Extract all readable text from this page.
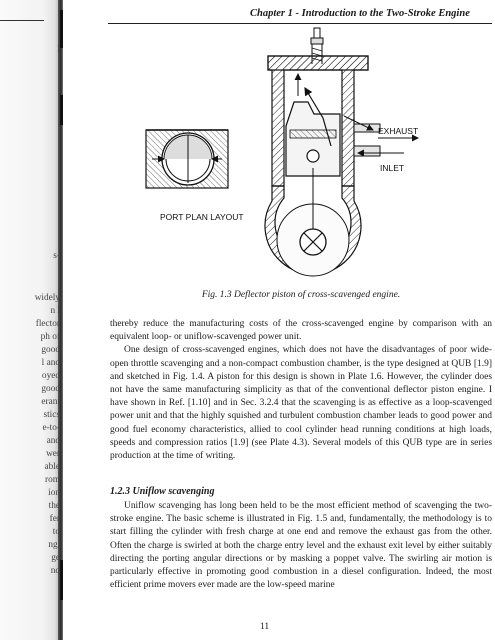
l
s-
widely
n l
flector
ph of
good
l and
oyed
good
erant
stics
e-to-
and
wer
able
rom
ion
the
fer
to
ng,
ge
nd
Chapter 1 - Introduction to the Two-Stroke Engine
EXHAUST
INLET
PORT PLAN LAYOUT
Fig. 1.3 Deflector piston of cross-scavenged engine.

thereby reduce the manufacturing costs of the cross-scavenged engine by comparison with an equivalent loop- or uniflow-scavenged power unit.

One design of cross-scavenged engines, which does not have the disadvantages of poor wide-open throttle scavenging and a non-compact combustion chamber, is the type designed at QUB [1.9] and sketched in Fig. 1.4. A piston for this design is shown in Plate 1.6. However, the cylinder does not have the same manufacturing simplicity as that of the conventional deflector piston engine. I have shown in Ref. [1.10] and in Sec. 3.2.4 that the scavenging is as effective as a loop-scavenged power unit and that the highly squished and turbulent combustion chamber leads to good power and good fuel economy characteristics, allied to cool cylinder head running conditions at high loads, speeds and compression ratios [1.9] (see Plate 4.3). Several models of this QUB type are in series production at the time of writing.

1.2.3 Uniflow scavenging

Uniflow scavenging has long been held to be the most efficient method of scavenging the two-stroke engine. The basic scheme is illustrated in Fig. 1.5 and, fundamentally, the methodology is to start filling the cylinder with fresh charge at one end and remove the exhaust gas from the other. Often the charge is swirled at both the charge entry level and the exhaust exit level by either suitably directing the porting angular directions or by masking a poppet valve. The swirling air motion is particularly effective in promoting good combustion in a diesel configuration. Indeed, the most efficient prime movers ever made are the low-speed marine

11
